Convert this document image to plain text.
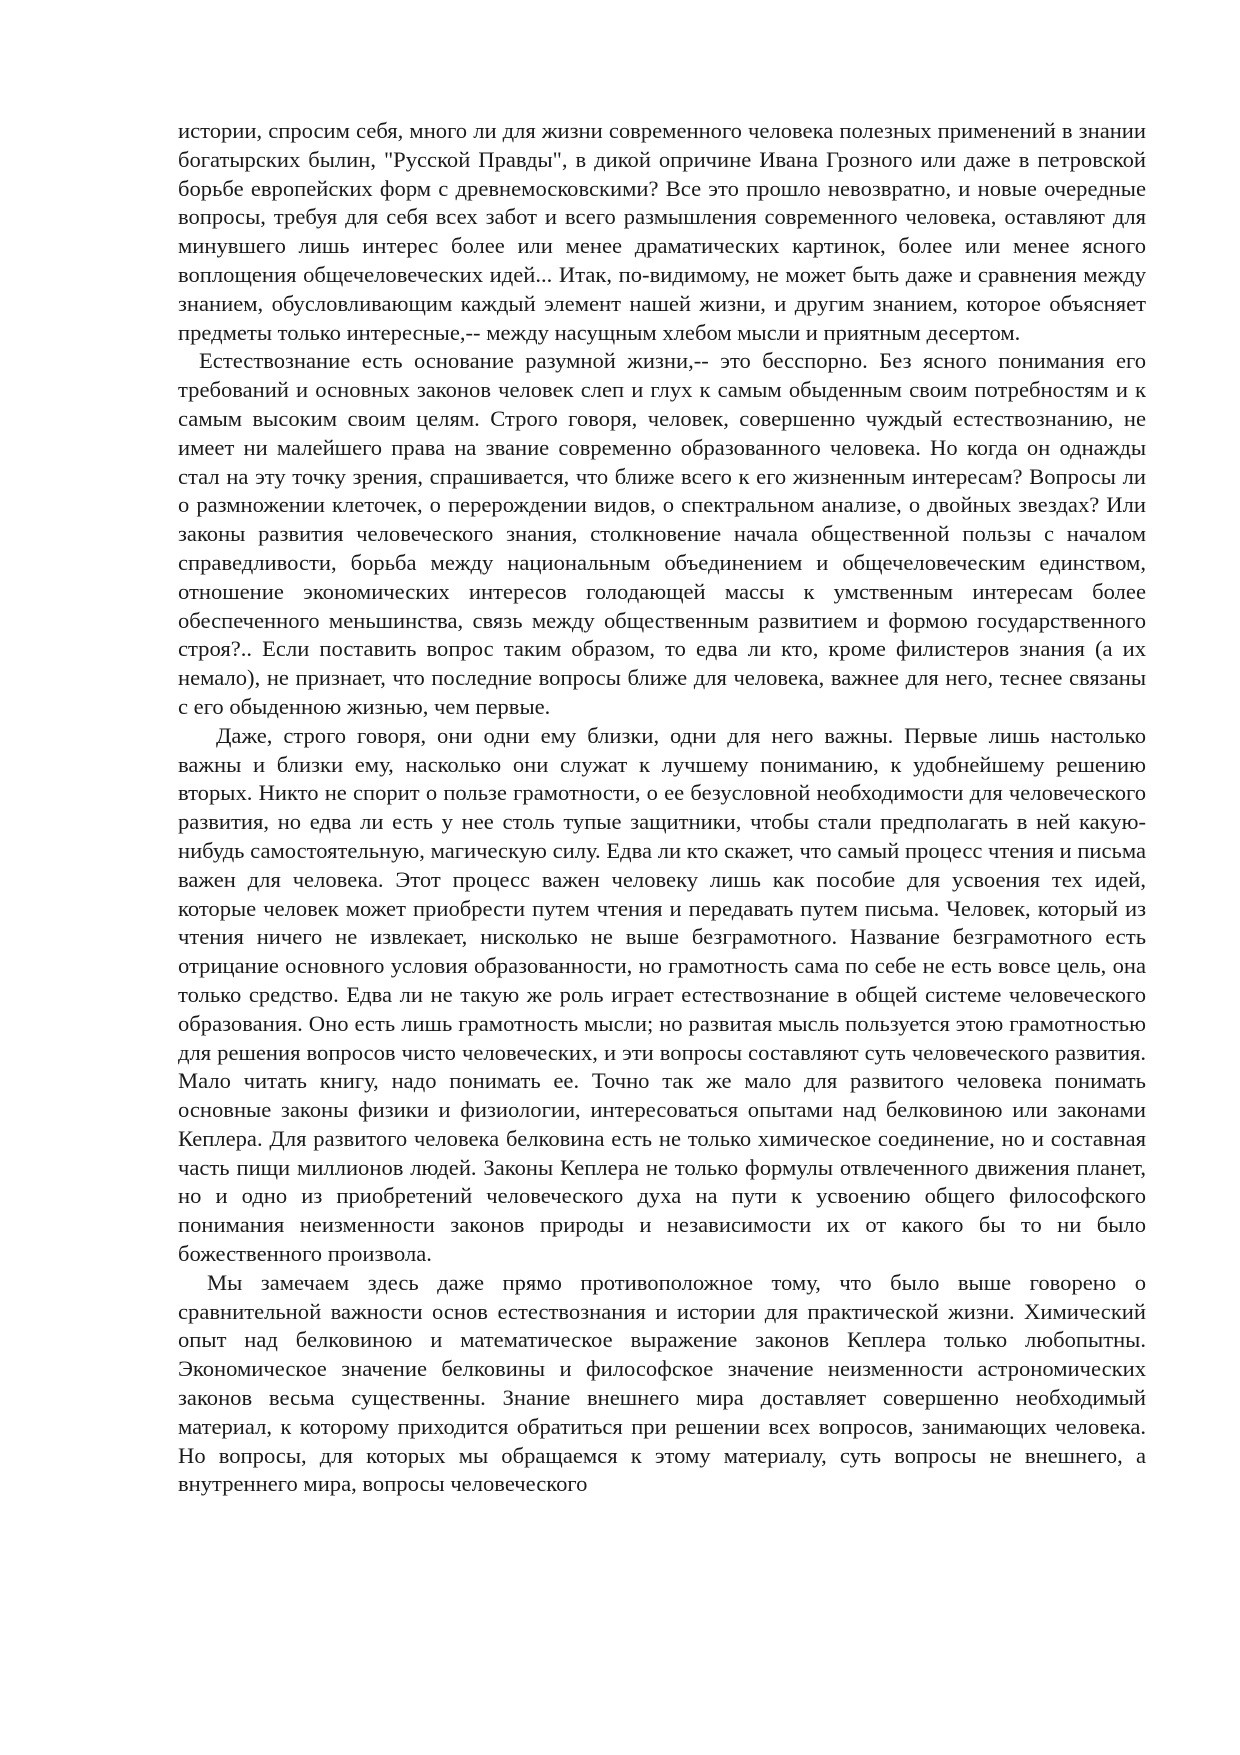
истории, спросим себя, много ли для жизни современного человека полезных применений в знании богатырских былин, "Русской Правды", в дикой опричине Ивана Грозного или даже в петровской борьбе европейских форм с древнемосковскими? Все это прошло невозвратно, и новые очередные вопросы, требуя для себя всех забот и всего размышления современного человека, оставляют для минувшего лишь интерес более или менее драматических картинок, более или менее ясного воплощения общечеловеческих идей... Итак, по-видимому, не может быть даже и сравнения между знанием, обусловливающим каждый элемент нашей жизни, и другим знанием, которое объясняет предметы только интересные,-- между насущным хлебом мысли и приятным десертом.

Естествознание есть основание разумной жизни,-- это бесспорно. Без ясного понимания его требований и основных законов человек слеп и глух к самым обыденным своим потребностям и к самым высоким своим целям. Строго говоря, человек, совершенно чуждый естествознанию, не имеет ни малейшего права на звание современно образованного человека. Но когда он однажды стал на эту точку зрения, спрашивается, что ближе всего к его жизненным интересам? Вопросы ли о размножении клеточек, о перерождении видов, о спектральном анализе, о двойных звездах? Или законы развития человеческого знания, столкновение начала общественной пользы с началом справедливости, борьба между национальным объединением и общечеловеческим единством, отношение экономических интересов голодающей массы к умственным интересам более обеспеченного меньшинства, связь между общественным развитием и формою государственного строя?.. Если поставить вопрос таким образом, то едва ли кто, кроме филистеров знания (а их немало), не признает, что последние вопросы ближе для человека, важнее для него, теснее связаны с его обыденною жизнью, чем первые.

Даже, строго говоря, они одни ему близки, одни для него важны. Первые лишь настолько важны и близки ему, насколько они служат к лучшему пониманию, к удобнейшему решению вторых. Никто не спорит о пользе грамотности, о ее безусловной необходимости для человеческого развития, но едва ли есть у нее столь тупые защитники, чтобы стали предполагать в ней какую-нибудь самостоятельную, магическую силу. Едва ли кто скажет, что самый процесс чтения и письма важен для человека. Этот процесс важен человеку лишь как пособие для усвоения тех идей, которые человек может приобрести путем чтения и передавать путем письма. Человек, который из чтения ничего не извлекает, нисколько не выше безграмотного. Название безграмотного есть отрицание основного условия образованности, но грамотность сама по себе не есть вовсе цель, она только средство. Едва ли не такую же роль играет естествознание в общей системе человеческого образования. Оно есть лишь грамотность мысли; но развитая мысль пользуется этою грамотностью для решения вопросов чисто человеческих, и эти вопросы составляют суть человеческого развития. Мало читать книгу, надо понимать ее. Точно так же мало для развитого человека понимать основные законы физики и физиологии, интересоваться опытами над белковиною или законами Кеплера. Для развитого человека белковина есть не только химическое соединение, но и составная часть пищи миллионов людей. Законы Кеплера не только формулы отвлеченного движения планет, но и одно из приобретений человеческого духа на пути к усвоению общего философского понимания неизменности законов природы и независимости их от какого бы то ни было божественного произвола.

Мы замечаем здесь даже прямо противоположное тому, что было выше говорено о сравнительной важности основ естествознания и истории для практической жизни. Химический опыт над белковиною и математическое выражение законов Кеплера только любопытны. Экономическое значение белковины и философское значение неизменности астрономических законов весьма существенны. Знание внешнего мира доставляет совершенно необходимый материал, к которому приходится обратиться при решении всех вопросов, занимающих человека. Но вопросы, для которых мы обращаемся к этому материалу, суть вопросы не внешнего, а внутреннего мира, вопросы человеческого
